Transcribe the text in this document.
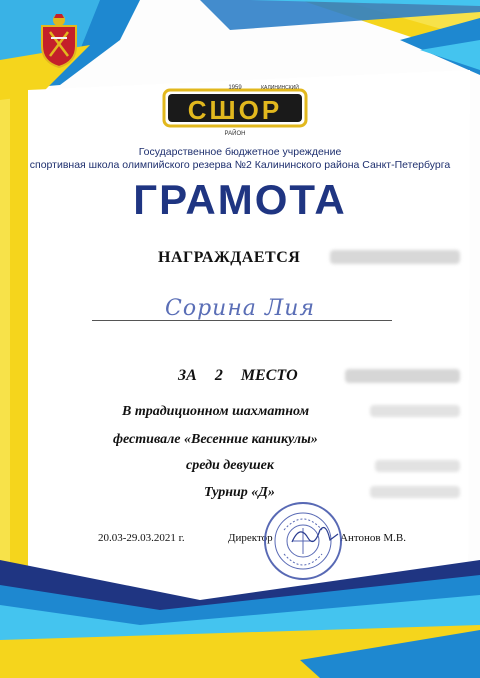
1959	КАЛИНИНСКИЙ
СШОР
РАЙОН
Государственное бюджетное учреждение
спортивная школа олимпийского резерва №2 Калининского района Санкт-Петербурга
ГРАМОТА
НАГРАЖДАЕТСЯ
Сорина Лия
ЗА 2 МЕСТО
В традиционном шахматном
фестивале «Весенние каникулы»
среди девушек
Турнир «Д»
20.03-29.03.2021 г.	Директор	Антонов М.В.
